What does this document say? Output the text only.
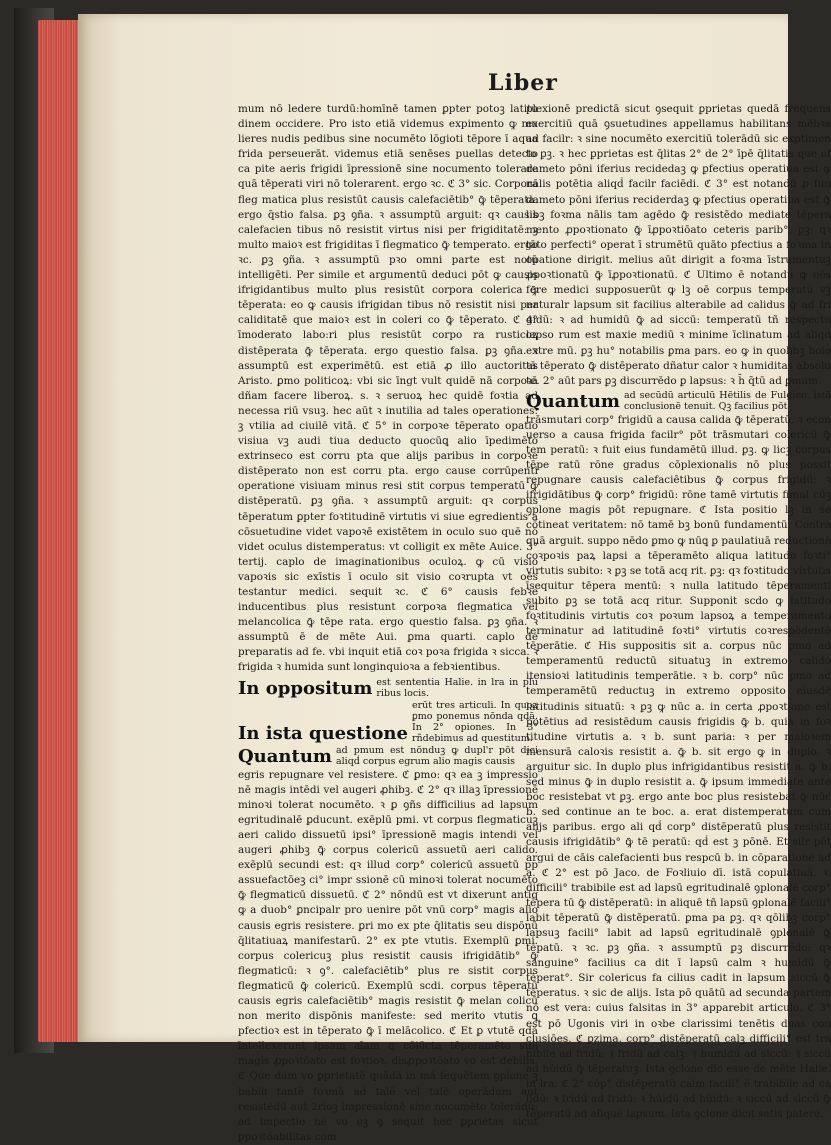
Liber

mum nō ledere turdū:homīnē tamen ꝑpter potoꝫ latitu dinem occidere. Pro isto etiā videmus expimento ꝙ mu lieres nudis pedibus sine nocumēto lōgioti tēpore ī aqua frida perseuerāt. videmus etiā senēses puellas detecto ca pite aeris frigidi īpressionē sine nocumento tolerare quā tēperati viri nō tolerarent. ergo ꝛc. ℭ 3° sic. Corpora fleg matica plus resistūt causis calefaciētib° ꝙ̄ tēperata. ergo q̄stio falsa. ꝑꝫ ꝯña. ꝛ assumptū arguit: qꝛ causis calefacien tibus nō resistit virtus nisi per frigiditatē: ꝫ multo maioꝛ est frigiditas ī flegmatico ꝙ̄ temperato. ergo ꝛc. ꝑꝫ ꝯña. ꝛ assumptū pꝛo omni parte est notū intelligēti. Per simile et argumentū deduci pōt ꝙ causis ifrigidantibus multo plus resistūt corpora colerica ꝙ̄ tēperata: eo ꝙ causis ifrigidan tibus nō resistit nisi per caliditatē que maioꝛ est in coleri co ꝙ̄ tēperato. ℭ 4° īmoderato labo:ri plus resistūt corpo ra rusticoꝝ distēperata ꝙ̄ tēperata. ergo questio falsa. ꝑꝫ ꝯña. ꝛ assumptū est experimētū. est etiā ꝓ illo auctoritas Aristo. ꝑmo politicoꝝ: vbi sic īngt vult quidē nā corpoꝛā dñam facere liberoꝝ. s. ꝛ seruoꝝ hec quidē foꝛtia ad necessa riū vsuꝫ. hec aūt ꝛ inutilia ad tales operationes: ꝫ vtilia ad ciuilē vitā. ℭ 5° in corpoꝛe tēperato opatio visiua vꝫ audi tiua deducto quocūꝗ alio īpedimēto extrinseco est corru pta que alijs paribus in corpoꝛe distēperato non est corru pta. ergo cause corrūpenti operatione visiuam minus resi stit corpus temperatū ꝙ̄ distēperatū. ꝑꝫ ꝯña. ꝛ assumptū arguit: qꝛ corpus tēperatum ꝑpter foꝛtitudinē virtutis vi siue egredientis a cōsuetudine videt vapoꝛē existētem in oculo suo quē nō videt oculus distemperatus: vt colligit ex mēte Auice. 3° tertij. caplo de imaginationibus oculoꝝ. ꝙ cū visio vapoꝛis sic exīstis ī oculo sit visio coꝛrupta vt oēs testantur medici. sequit ꝛc. ℭ 6° causis febꝛe inducentibus plus resistunt corpoꝛa flegmatica vel melancolica ꝙ̄ tēpe rata. ergo questio falsa. ꝑꝫ ꝯña. ꝛ assumptū ē de mēte Aui. ꝑma quarti. caplo de preparatis ad fe. vbi inquit etiā coꝛ poꝛa frigida ꝛ sicca. ꝛ frigida ꝛ humida sunt longinquioꝛa a febꝛientibus.

In oppositum est sententia Halie. in lra in plu ribus locis.
In ista questione
erūt tres articuli. In quoꝝ ꝑmo ponemus nōnda qdā. In 2° opiones. In 3° rñdebimus ad questitum.
Quantum ad pmum est nōnduꝫ ꝙ dupl'r pōt dici aliqḋ corpus egrum alio magis causis

egris repugnare vel resistere. ℭ ꝑmo: qꝛ ea ꝫ impressio nē magis intēdi vel augeri ꝓhibꝫ. ℭ 2° qꝛ illaꝫ īpressionē minoꝛi tolerat nocumēto. ꝛ ꝑ ꝯñs difficilius ad lapsum egritudinalē ꝑducunt. exēplū pmi. vt corpus flegmaticuꝫ aeri calido dissuetū ipsi° īpressionē magis intendi vel augeri ꝓhibꝫ ꝙ̄ corpus colericū assuetū aeri calido. exēplū secundi est: qꝛ illud corp° colericū assuetū pp assuefactōeꝫ ci° impr ssionē cū minoꝛi tolerat nocumēto ꝙ̄ flegmaticū dissuetū. ℭ 2° nōndū est vt dixerunt antiq ꝙ a duob° ꝑncipalr pro uenire pōt vnū corp° magis alio causis egris resistere. ꝑri mo ex pte q̄litatis seu dispōnū q̄litatiuaꝝ manifestarū. 2° ex pte vtutis. Exemplū ꝑmi. corpus colericuꝫ plus resistit causis ifrigidātib° ꝙ̄ flegmaticū: ꝛ ꝯ°. calefaciētib° plus re sistit corpus flegmaticū ꝙ̄ colericū. Exemplū scdi. corpus tēperatū causis egris calefaciētib° magis resistit ꝙ̄ melan colicū non merito dispōnis manifeste: sed merito vtutis ꝗ pfectioꝛ est in tēperato ꝙ̄ ī melācolico. ℭ Et ꝑ vtutē qdā īntellexerunt ipsam aīam q cōiūcta tēperamēto sibi magis ꝓpoꝛtōato est foꝛtioꝛ. disꝓpoꝛtōato vo est debilis. ℭ Que dam vo ꝑprietatē quādā in mā ſequētem ꝯplone ꝫ babili tantē foꝛmā ad talē vel talē operādum aut resistēdū aut 2rioꝫ impressionē sine nocumēto tolerādū: ad impectio nē vo eꝫ ꝯ sequit hec ꝑprietas sicut ꝑpoꝛtōabilitas com

plexionē predictā sicut ꝯsequit ꝑprietas quedā frequens exercitiū quā ꝯsuetudines appellamus habilitans mēbꝛa ad facilr: ꝛ sine nocumēto exercitiū tolerādū sic exptimen to ꝑꝫ. ꝛ hec ꝑprietas est q̄litas 2° de 2° īpē q̄litatis que of dameto pōni iferius recidedaꝫ ꝙ ꝑfectius operatiua est ꝙ nālis potētia aliqḋ facilr faciēdi. ℭ 3° est notandū ꝓ fun dameto pōni iferius reciderdaꝫ ꝙ pfectius operatiua est ꝙ̄ libꝫ foꝛma nālis tam agēdo ꝙ̄ resistēdo mediate tēpera mento ꝓpoꝛtionato ꝙ̄ īꝓpoꝛtiōato ceteris parib°. ꝑꝫ: qꝛ tāto perfecti° operat ī strumētū quāto pfectius a foꝛma in opatione dirigit. melius aūt dirigit a foꝛma īstrumentuꝫ ꝓpoꝛtionatū ꝙ̄ īꝓpoꝛtionatū. ℭ Ultimo ē notandu ꝙ oēs fere medici supposuerūt ꝙ lꝫ oē corpus temperatū vꝫ naturalr lapsum sit facilius alterabile ad calidus ꝙ̄ ad fri gidū: ꝛ ad humidū ꝙ̄ ad siccū: temperatū tñ respectu lapso rum est maxie mediū ꝛ minime īclinatum ad aliqḋ extre mū. ꝑꝫ hu° notabilis ꝑma pars. eo ꝙ in quolibꝫ boie tā tēperato ꝙ̄ distēperato dñatur calor ꝛ humiditas absolu te. 2° aūt pars ꝑꝫ discurrēdo ꝑ lapsus: ꝛ h̄ q̄tū ad ꝑmum.

Quantum ad secūdū articulū Hētilis de Fulgieo. istā conclusionē tenuit. Qꝫ facilius pōt

trāsmutari corp° frigidū a causa calida ꝙ̄ tēperatū. ꝛ econ uerso a causa frigida facilr° pōt trāsmutari colericū ꝙ̄ tem peratū: ꝛ fuit eius fundamētū illud. ꝑꝫ. ꝙ licꝫ corpus tēpe ratū rōne gradus cōplexionalis nō plus possit repugnare causis calefaciētibus ꝙ̄ corpus frigidū: ꝛ ifrigidātibus ꝙ̄ corp° frigidū: rōne tamē virtutis fimul cūꝫ ꝯplone magis pōt repugnare. ℭ Ista positio lꝫ in se cōtineat veritatem: nō tamē bꝫ bonū fundamentū. Contra quā arguit. suppo nēdo ꝑmo ꝙ nūꝗ ꝑ paulatiuā reductionē coꝛpoꝛis paꝝ lapsi a tēperamēto aliqua latitudo foꝛti° virtutis subito: ꝛ ꝑꝫ se totā acq rit. ꝑꝫ: qꝛ foꝛtitudo virtutis īsequitur tēpera mentū: ꝛ nulla latitudo tēperamenti subito ꝑꝫ se totā acq ritur. Supponit scdo ꝙ latitudo foꝛtitudinis virtutis coꝛ poꝛum lapsoꝝ a temperamento terminatur ad latitudinē foꝛti° virtutis coꝛrespōdentē tēperātie. ℭ His suppositis sit a. corpus nūc ꝑmo ad temperamentū reductū situatuꝫ in extremo calido itensioꝛi latitudinis temperātie. ꝛ b. corp° nūc ꝑmo ad temperamētū reductuꝫ in extremo opposito eiusdē latitudinis situatū: ꝛ ꝑꝫ ꝙ nūc a. in certa ꝓpoꝛtione est potētius ad resistēdum causis frigidis ꝙ̄ b. quia in foꝛ titudine virtutis a. ꝛ b. sunt paria: ꝛ per maioꝛem mensurā caloꝛis resistit a. ꝙ̄ b. sit ergo ꝙ in duplo. ꝛ arguitur sic. In duplo plus infrigidantibus resistit a. ꝙ̄ b. sed minus ꝙ̄ in duplo resistit a. ꝙ̄ ipsum immediate ante boc resistebat vt ꝑꝫ. ergo ante boc plus resistebat ꝙ̄ nūc b. sed continue an te boc. a. erat distemperatum cum alijs paribus. ergo ali qḋ corp° distēperatū plus resistit causis ifrigidātib° ꝙ̄ tē peratū: qḋ est ꝫ pōnē. Et silr pōt argui de cāis calefacienti bus respcū b. in cōparatione ad a. ℭ 2° est pō Jaco. de Foꝛliuio dī. istā copulatiuā. ꝛ. difficili° trabibile est ad lapsū egritudinalē ꝯplonalē corp° tēpera tū ꝙ̄ distēperatū: in aliquē tñ lapsū ꝯplonalē facili° labit tēperatū ꝙ̄ distēperatū. ꝑma pa ꝑꝫ. qꝛ qōlibꝫ corp° lapsuꝫ facili° labit ad lapsū egritudinalē ꝯplonalē ꝙ̄ tēpatū. ꝛ ꝛc. ꝑꝫ ꝯña. ꝛ assumptū ꝑꝫ discurrēdo: qꝛ sanguine° facilius ca dit ī lapsū calm ꝛ humidū ꝙ̄ tēperat°. Sir colericus fa cilius cadit in lapsum siccū ꝙ̄ tēperatus. ꝛ sic de alijs. Ista pō quātū ad secunda partem nō est vera: cuius falsitas in 3° apparebit articulo. ℭ 3° est pō Ugonis viri in oꝛbe clarissimi tenētis duas con clusiōes. ℭ ꝑzima. corp° distēperatū calꝫ difficili° est tra hibile ad fridū: ꝛ fridū ad calꝫ: ꝛ humidū ad siccū: ꝛ siccū ad hūidū ꝙ̄ tēperatuꝫ. Ista ꝯclone dīc esse de mēte Halie. in lra. ℭ 2° cōp° distēperatū calm facili° ē trabibile ad ca lidū: ꝛ fridū ad fridū: ꝛ hūidū ad hūidū: ꝛ siccū ad siccū ꝙ̄ tēperatū ad aliquē lapsum. Ista ꝯclone dicit satis patere.
